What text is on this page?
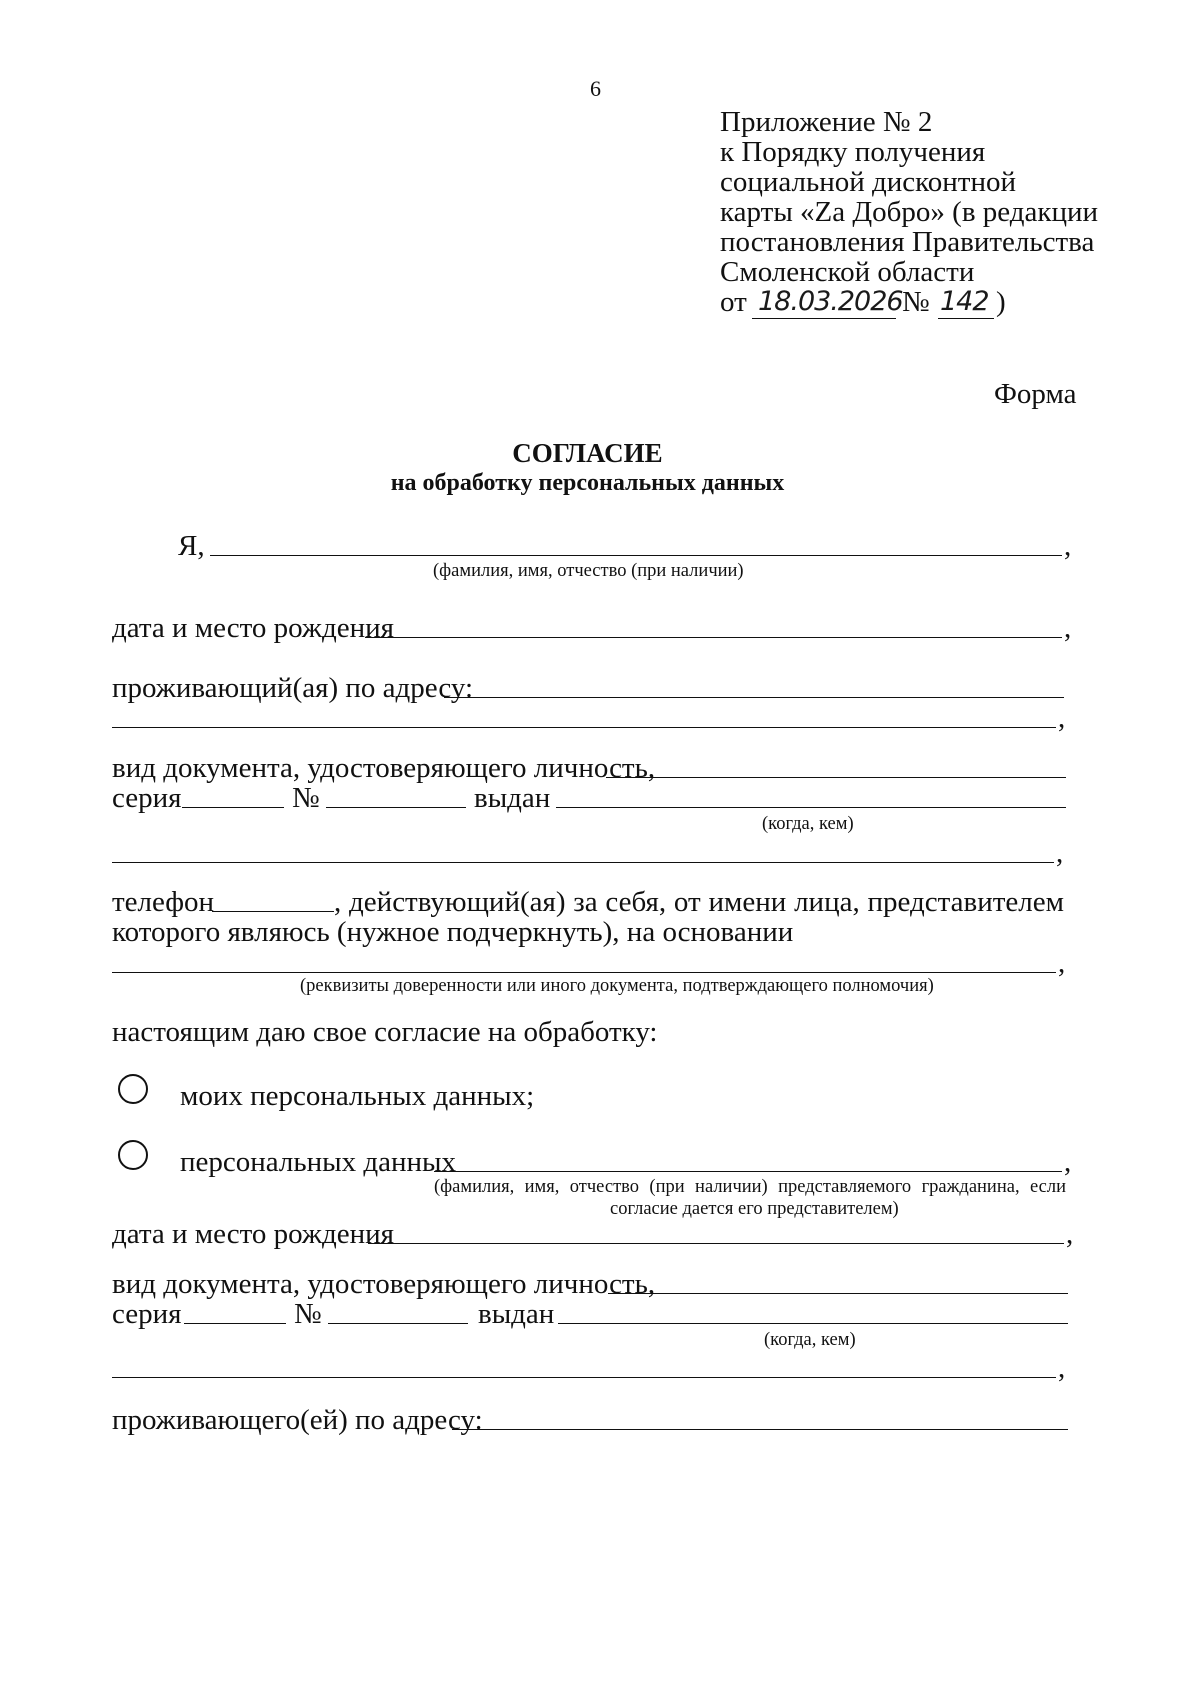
6
Приложение № 2
к Порядку получения
социальной дисконтной
карты «Za Добро» (в редакции
постановления Правительства
Смоленской области
от 18.03.2026 № 142 )
Форма
СОГЛАСИЕ
на обработку персональных данных
Я,	,
(фамилия, имя, отчество (при наличии)
дата и место рождения	,
проживающий(ая) по адресу:
,
вид документа, удостоверяющего личность,
серия	№	выдан
(когда, кем)
,
телефон	, действующий(ая) за себя, от имени лица, представителем
которого являюсь (нужное подчеркнуть), на основании
,
(реквизиты доверенности или иного документа, подтверждающего полномочия)
настоящим даю свое согласие на обработку:
моих персональных данных;
персональных данных	,
(фамилия, имя, отчество (при наличии) представляемого гражданина, если
согласие дается его представителем)
дата и место рождения	,
вид документа, удостоверяющего личность,
серия	№	выдан
(когда, кем)
,
проживающего(ей) по адресу:
